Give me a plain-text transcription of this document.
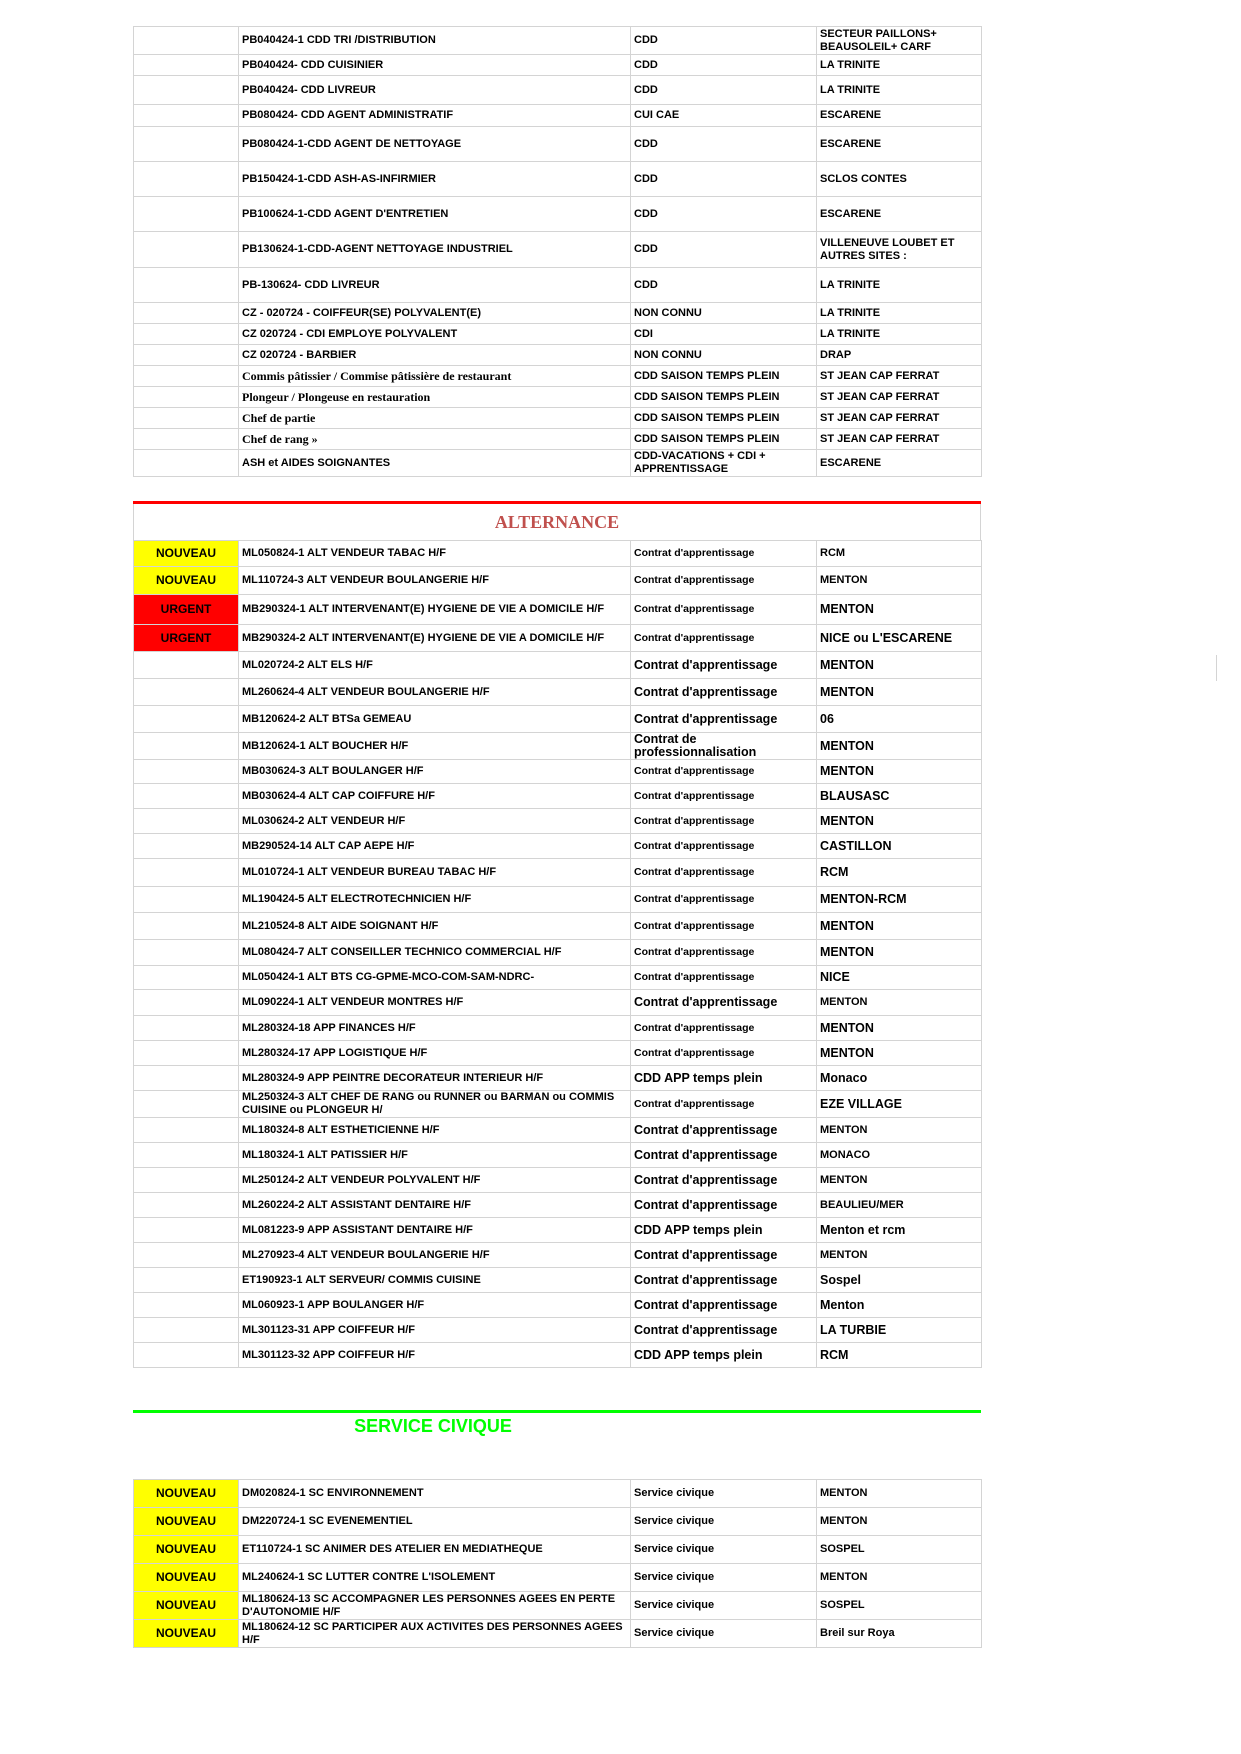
	PB040424-1 CDD TRI /DISTRIBUTION	CDD	SECTEUR PAILLONS+ BEAUSOLEIL+ CARF
	PB040424- CDD CUISINIER	CDD	LA TRINITE
	PB040424- CDD LIVREUR	CDD	LA TRINITE
	PB080424- CDD AGENT ADMINISTRATIF	CUI CAE	ESCARENE
	PB080424-1-CDD AGENT DE NETTOYAGE	CDD	ESCARENE
	PB150424-1-CDD ASH-AS-INFIRMIER	CDD	SCLOS CONTES
	PB100624-1-CDD AGENT D'ENTRETIEN	CDD	ESCARENE
	PB130624-1-CDD-AGENT NETTOYAGE INDUSTRIEL	CDD	VILLENEUVE LOUBET ET AUTRES SITES :
	PB-130624- CDD LIVREUR	CDD	LA TRINITE
	CZ - 020724 - COIFFEUR(SE) POLYVALENT(E)	NON CONNU	LA TRINITE
	CZ 020724 - CDI EMPLOYE POLYVALENT	CDI	LA TRINITE
	CZ 020724 - BARBIER	NON CONNU	DRAP
	Commis pâtissier / Commise pâtissière de restaurant	CDD SAISON TEMPS PLEIN	ST JEAN CAP FERRAT
	Plongeur / Plongeuse en restauration	CDD SAISON TEMPS PLEIN	ST JEAN CAP FERRAT
	Chef de partie	CDD SAISON TEMPS PLEIN	ST JEAN CAP FERRAT
	Chef de rang »	CDD SAISON TEMPS PLEIN	ST JEAN CAP FERRAT
	ASH et AIDES SOIGNANTES	CDD-VACATIONS + CDI + APPRENTISSAGE	ESCARENE
ALTERNANCE
NOUVEAU	ML050824-1 ALT VENDEUR TABAC H/F	Contrat d'apprentissage	RCM
NOUVEAU	ML110724-3 ALT VENDEUR BOULANGERIE H/F	Contrat d'apprentissage	MENTON
URGENT	MB290324-1 ALT INTERVENANT(E) HYGIENE DE VIE A DOMICILE H/F	Contrat d'apprentissage	MENTON
URGENT	MB290324-2 ALT INTERVENANT(E) HYGIENE DE VIE A DOMICILE H/F	Contrat d'apprentissage	NICE ou L'ESCARENE
	ML020724-2 ALT ELS H/F	Contrat d'apprentissage	MENTON
	ML260624-4 ALT VENDEUR BOULANGERIE H/F	Contrat d'apprentissage	MENTON
	MB120624-2 ALT BTSa GEMEAU	Contrat d'apprentissage	06
	MB120624-1 ALT BOUCHER H/F	Contrat de professionnalisation	MENTON
	MB030624-3 ALT BOULANGER H/F	Contrat d'apprentissage	MENTON
	MB030624-4 ALT CAP COIFFURE H/F	Contrat d'apprentissage	BLAUSASC
	ML030624-2 ALT VENDEUR H/F	Contrat d'apprentissage	MENTON
	MB290524-14 ALT CAP AEPE H/F	Contrat d'apprentissage	CASTILLON
	ML010724-1 ALT VENDEUR BUREAU TABAC H/F	Contrat d'apprentissage	RCM
	ML190424-5 ALT ELECTROTECHNICIEN H/F	Contrat d'apprentissage	MENTON-RCM
	ML210524-8 ALT AIDE SOIGNANT H/F	Contrat d'apprentissage	MENTON
	ML080424-7 ALT CONSEILLER TECHNICO COMMERCIAL H/F	Contrat d'apprentissage	MENTON
	ML050424-1 ALT BTS CG-GPME-MCO-COM-SAM-NDRC-	Contrat d'apprentissage	NICE
	ML090224-1 ALT VENDEUR MONTRES H/F	Contrat d'apprentissage	MENTON
	ML280324-18 APP FINANCES H/F	Contrat d'apprentissage	MENTON
	ML280324-17 APP LOGISTIQUE H/F	Contrat d'apprentissage	MENTON
	ML280324-9 APP PEINTRE DECORATEUR INTERIEUR H/F	CDD APP temps plein	Monaco
	ML250324-3 ALT CHEF DE RANG ou RUNNER ou BARMAN ou COMMIS CUISINE ou PLONGEUR H/	Contrat d'apprentissage	EZE VILLAGE
	ML180324-8 ALT ESTHETICIENNE H/F	Contrat d'apprentissage	MENTON
	ML180324-1 ALT PATISSIER H/F	Contrat d'apprentissage	MONACO
	ML250124-2 ALT VENDEUR POLYVALENT H/F	Contrat d'apprentissage	MENTON
	ML260224-2 ALT ASSISTANT DENTAIRE H/F	Contrat d'apprentissage	BEAULIEU/MER
	ML081223-9 APP ASSISTANT DENTAIRE H/F	CDD APP temps plein	Menton et rcm
	ML270923-4 ALT VENDEUR BOULANGERIE H/F	Contrat d'apprentissage	MENTON
	ET190923-1 ALT SERVEUR/ COMMIS CUISINE	Contrat d'apprentissage	Sospel
	ML060923-1 APP BOULANGER H/F	Contrat d'apprentissage	Menton
	ML301123-31 APP COIFFEUR H/F	Contrat d'apprentissage	LA TURBIE
	ML301123-32 APP COIFFEUR H/F	CDD APP temps plein	RCM
SERVICE CIVIQUE
NOUVEAU	DM020824-1 SC ENVIRONNEMENT	Service civique	MENTON
NOUVEAU	DM220724-1 SC EVENEMENTIEL	Service civique	MENTON
NOUVEAU	ET110724-1 SC ANIMER DES ATELIER EN MEDIATHEQUE	Service civique	SOSPEL
NOUVEAU	ML240624-1 SC LUTTER CONTRE L'ISOLEMENT	Service civique	MENTON
NOUVEAU	ML180624-13 SC ACCOMPAGNER LES PERSONNES AGEES EN PERTE D'AUTONOMIE H/F	Service civique	SOSPEL
NOUVEAU	ML180624-12 SC PARTICIPER AUX ACTIVITES DES PERSONNES AGEES H/F	Service civique	Breil sur Roya
